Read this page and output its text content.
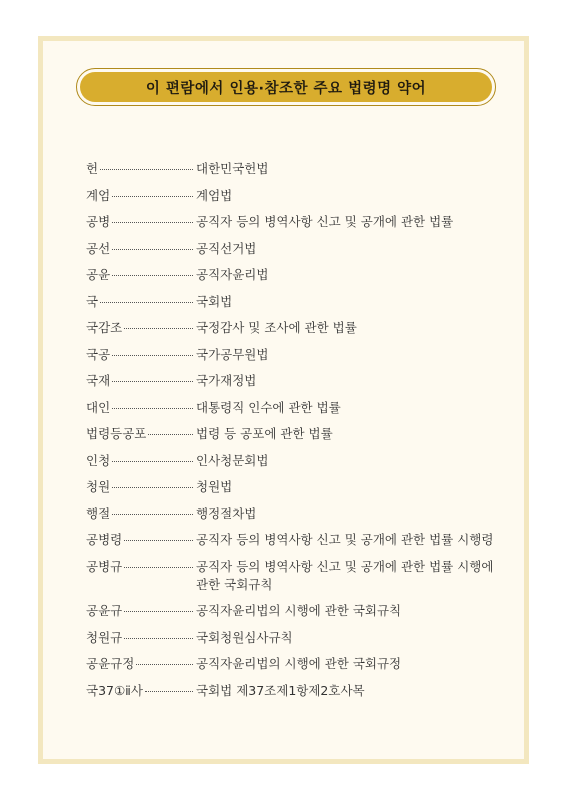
이 편람에서 인용·참조한 주요 법령명 약어
헌	대한민국헌법
계엄	계엄법
공병	공직자 등의 병역사항 신고 및 공개에 관한 법률
공선	공직선거법
공윤	공직자윤리법
국	국회법
국감조	국정감사 및 조사에 관한 법률
국공	국가공무원법
국재	국가재정법
대인	대통령직 인수에 관한 법률
법령등공포	법령 등 공포에 관한 법률
인청	인사청문회법
청원	청원법
행절	행정절차법
공병령	공직자 등의 병역사항 신고 및 공개에 관한 법률 시행령
공병규	공직자 등의 병역사항 신고 및 공개에 관한 법률 시행에 관한 국회규칙
공윤규	공직자윤리법의 시행에 관한 국회규칙
청원규	국회청원심사규칙
공윤규정	공직자윤리법의 시행에 관한 국회규정
국37①ⅱ사	국회법 제37조제1항제2호사목
